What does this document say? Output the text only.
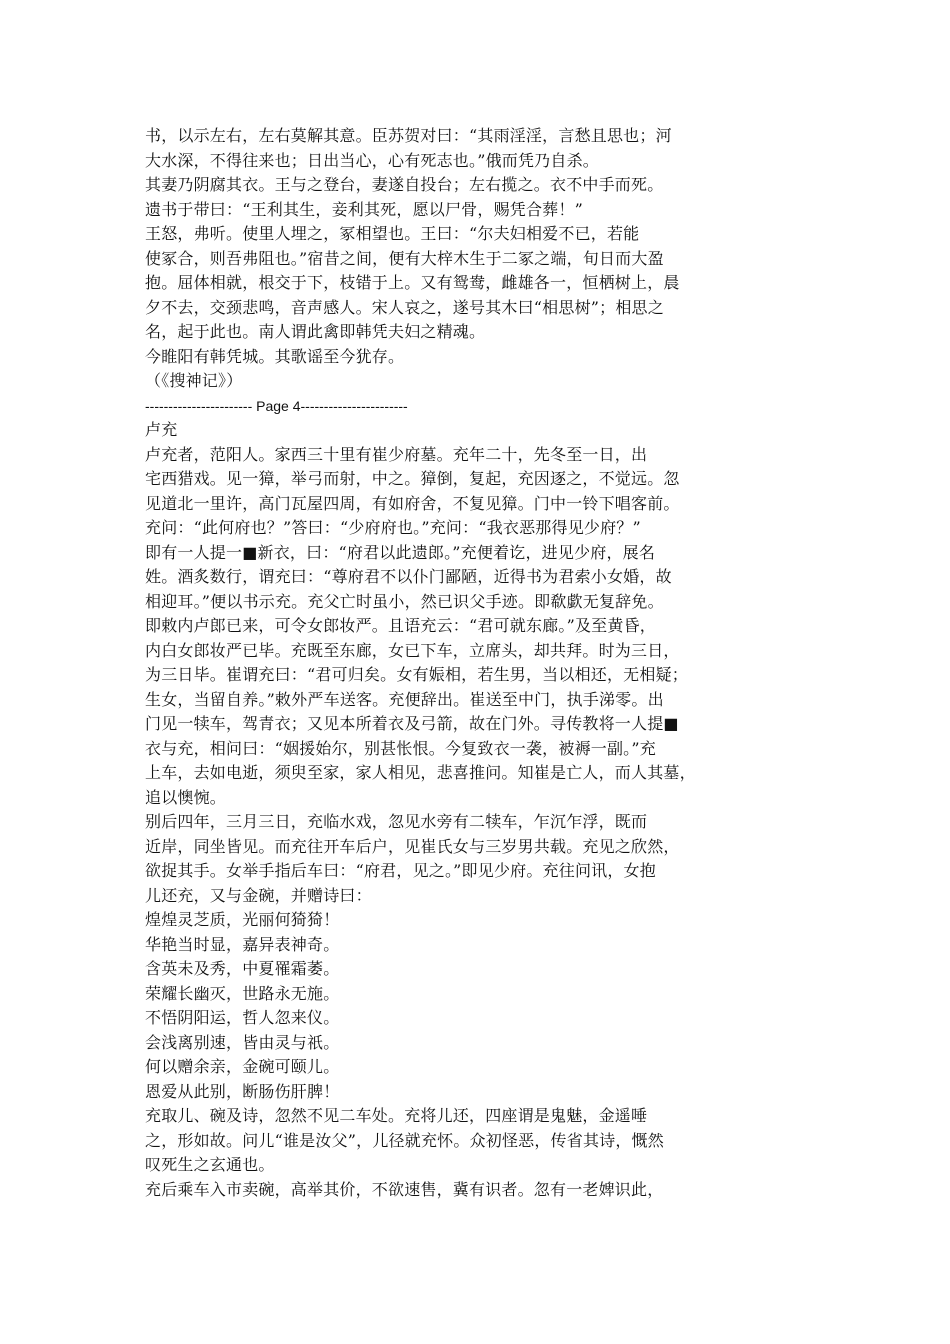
书，以示左右，左右莫解其意。臣苏贺对曰：“其雨淫淫，言愁且思也；河
大水深，不得往来也；日出当心，心有死志也。”俄而凭乃自杀。
其妻乃阴腐其衣。王与之登台，妻遂自投台；左右揽之。衣不中手而死。
遗书于带曰：“王利其生，妾利其死，愿以尸骨，赐凭合葬！”
王怒，弗听。使里人埋之，冢相望也。王曰：“尔夫妇相爱不已，若能
使冢合，则吾弗阻也。”宿昔之间，便有大梓木生于二冢之端，旬日而大盈
抱。屈体相就，根交于下，枝错于上。又有鸳鸯，雌雄各一，恒栖树上，晨
夕不去，交颈悲鸣，音声感人。宋人哀之，遂号其木曰“相思树”；相思之
名，起于此也。南人谓此禽即韩凭夫妇之精魂。
今睢阳有韩凭城。其歌谣至今犹存。
（《搜神记》）
----------------------- Page 4-----------------------
卢充
卢充者，范阳人。家西三十里有崔少府墓。充年二十，先冬至一日，出
宅西猎戏。见一獐，举弓而射，中之。獐倒，复起，充因逐之，不觉远。忽
见道北一里许，高门瓦屋四周，有如府舍，不复见獐。门中一铃下唱客前。
充问：“此何府也？”答曰：“少府府也。”充问：“我衣恶那得见少府？”
即有一人提一■新衣，曰：“府君以此遗郎。”充便着讫，进见少府，展名
姓。酒炙数行，谓充曰：“尊府君不以仆门鄙陋，近得书为君索小女婚，故
相迎耳。”便以书示充。充父亡时虽小，然已识父手迹。即欷歔无复辞免。
即敕内卢郎已来，可令女郎妆严。且语充云：“君可就东廊。”及至黄昏，
内白女郎妆严已毕。充既至东廊，女已下车，立席头，却共拜。时为三日，
为三日毕。崔谓充曰：“君可归矣。女有娠相，若生男，当以相还，无相疑；
生女，当留自养。”敕外严车送客。充便辞出。崔送至中门，执手涕零。出
门见一犊车，驾青衣；又见本所着衣及弓箭，故在门外。寻传教将一人提■
衣与充，相问曰：“姻援始尔，别甚怅恨。今复致衣一袭，被褥一副。”充
上车，去如电逝，须臾至家，家人相见，悲喜推问。知崔是亡人，而人其墓，
追以懊惋。
别后四年，三月三日，充临水戏，忽见水旁有二犊车，乍沉乍浮，既而
近岸，同坐皆见。而充往开车后户，见崔氏女与三岁男共载。充见之欣然，
欲捉其手。女举手指后车曰：“府君，见之。”即见少府。充往问讯，女抱
儿还充，又与金碗，并赠诗曰：
煌煌灵芝质，光丽何猗猗！
华艳当时显，嘉异表神奇。
含英未及秀，中夏罹霜萎。
荣耀长幽灭，世路永无施。
不悟阴阳运，哲人忽来仪。
会浅离别速，皆由灵与祇。
何以赠余亲，金碗可颐儿。
恩爱从此别，断肠伤肝脾！
充取儿、碗及诗，忽然不见二车处。充将儿还，四座谓是鬼魅，金遥唾
之，形如故。问儿“谁是汝父”，儿径就充怀。众初怪恶，传省其诗，慨然
叹死生之玄通也。
充后乘车入市卖碗，高举其价，不欲速售，冀有识者。忽有一老婢识此，
